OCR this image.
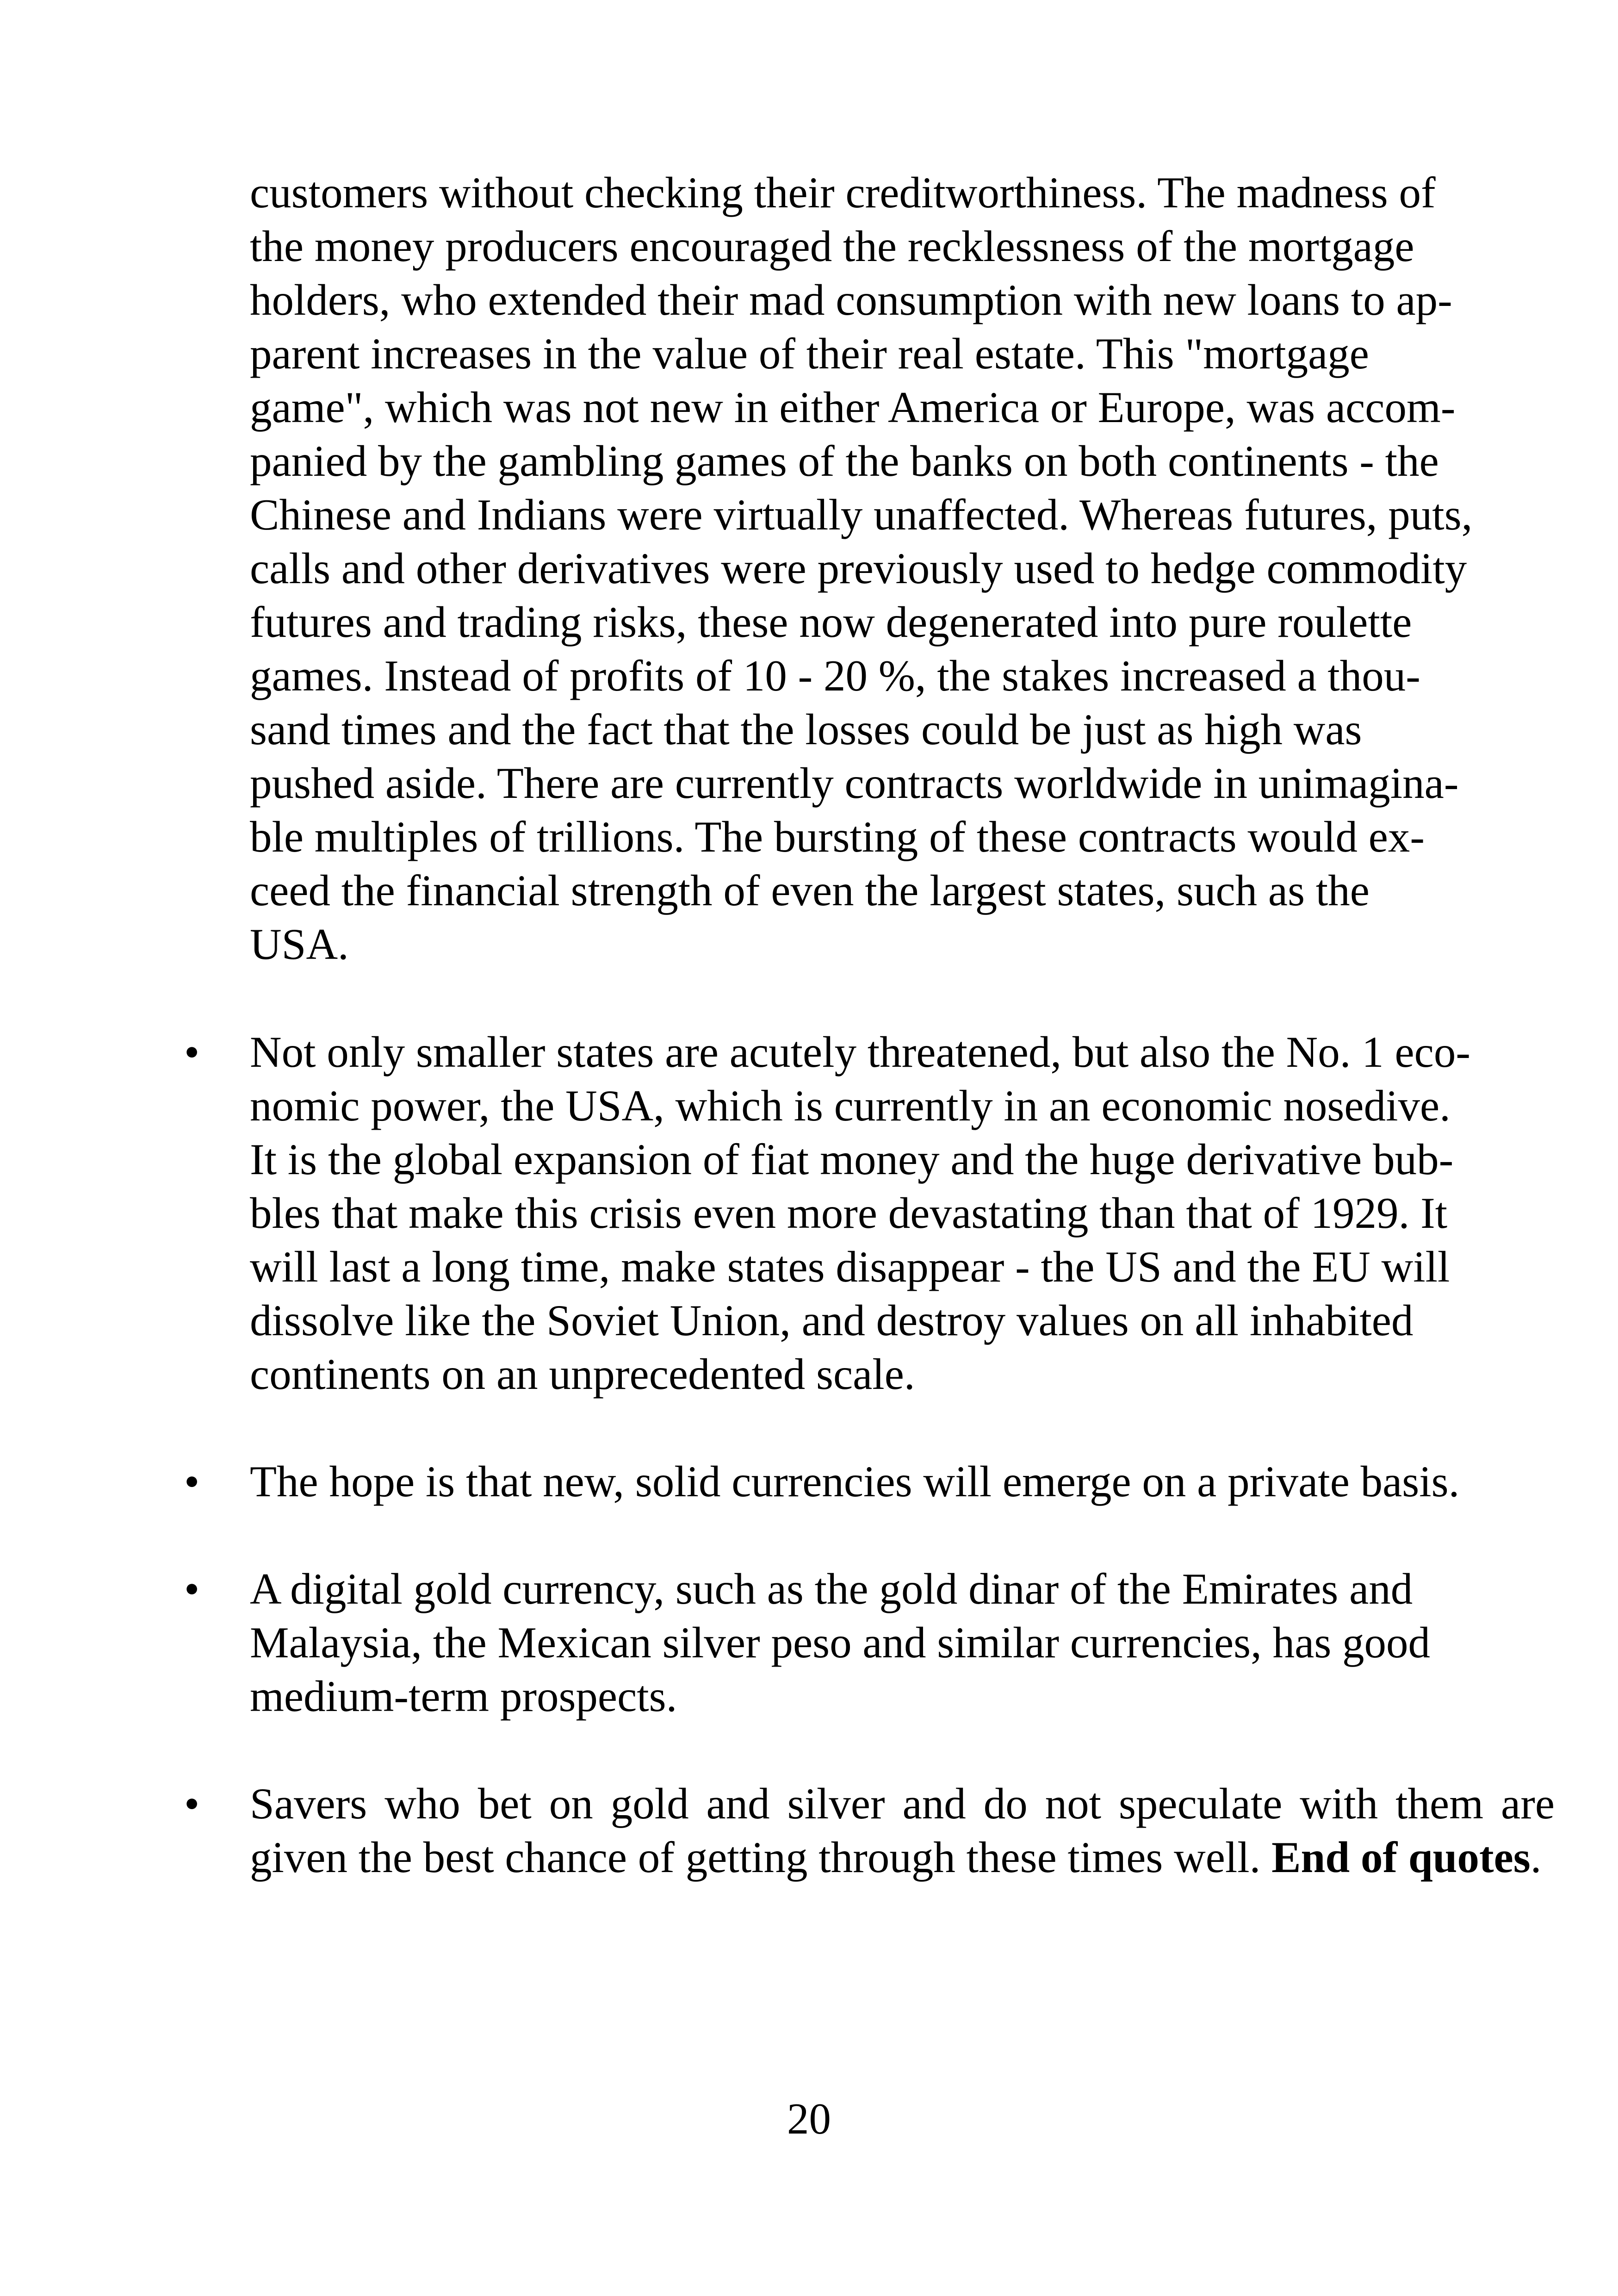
customers without checking their creditworthiness. The madness of
the money producers encouraged the recklessness of the mortgage
holders, who extended their mad consumption with new loans to ap-
parent increases in the value of their real estate. This "mortgage
game", which was not new in either America or Europe, was accom-
panied by the gambling games of the banks on both continents - the
Chinese and Indians were virtually unaffected. Whereas futures, puts,
calls and other derivatives were previously used to hedge commodity
futures and trading risks, these now degenerated into pure roulette
games. Instead of profits of 10 - 20 %, the stakes increased a thou-
sand times and the fact that the losses could be just as high was
pushed aside. There are currently contracts worldwide in unimagina-
ble multiples of trillions. The bursting of these contracts would ex-
ceed the financial strength of even the largest states, such as the
USA.

• Not only smaller states are acutely threatened, but also the No. 1 eco-
nomic power, the USA, which is currently in an economic nosedive.
It is the global expansion of fiat money and the huge derivative bub-
bles that make this crisis even more devastating than that of 1929. It
will last a long time, make states disappear - the US and the EU will
dissolve like the Soviet Union, and destroy values on all inhabited
continents on an unprecedented scale.
• The hope is that new, solid currencies will emerge on a private basis.
• A digital gold currency, such as the gold dinar of the Emirates and
Malaysia, the Mexican silver peso and similar currencies, has good
medium-term prospects.
• Savers who bet on gold and silver and do not speculate with them are given the best chance of getting through these times well. End of quotes.
20
